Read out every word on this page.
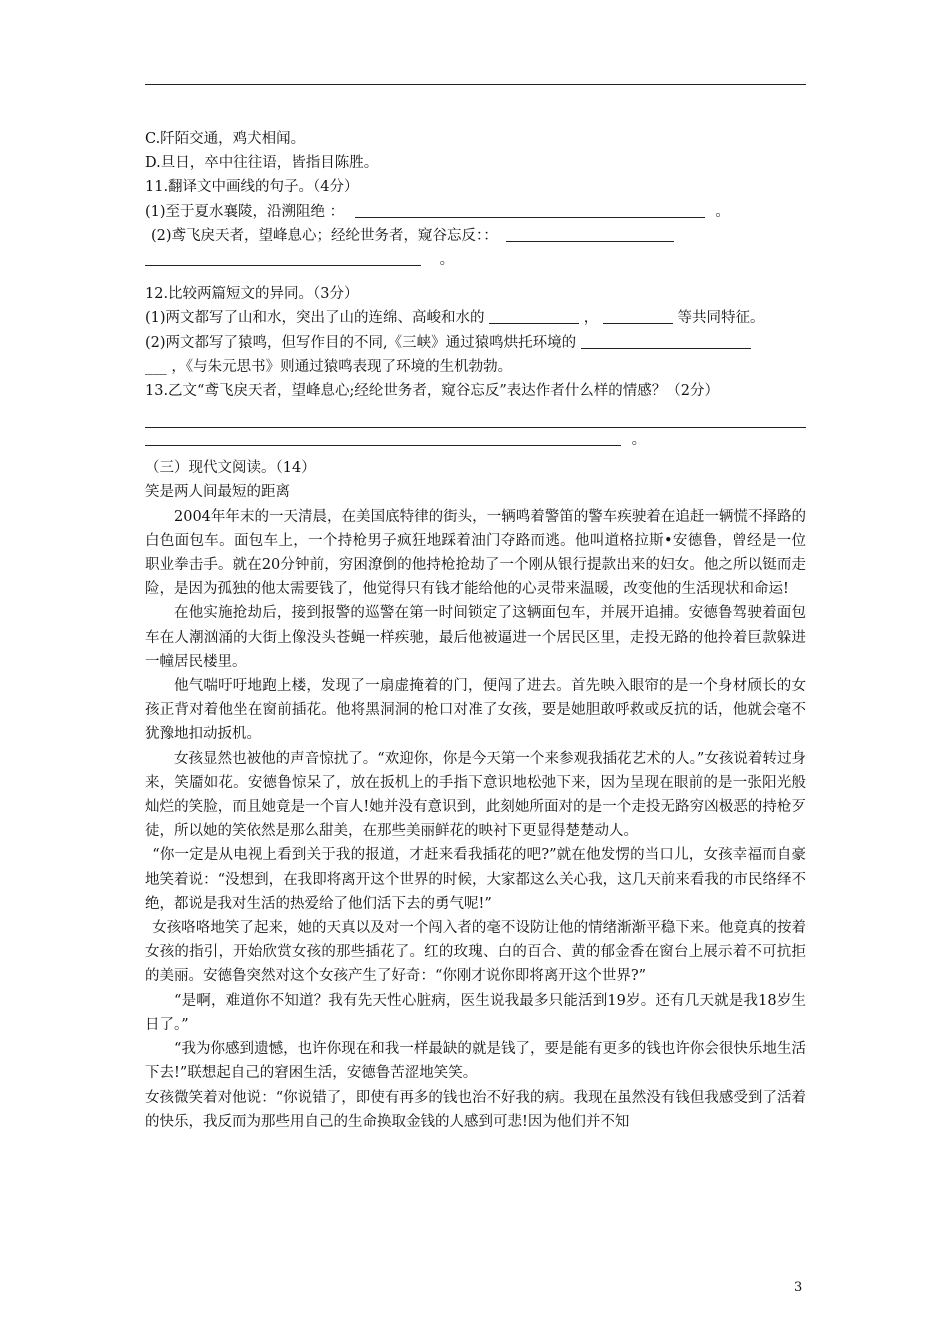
C.阡陌交通，鸡犬相闻。
D.旦日，卒中往往语，皆指目陈胜。
11.翻译文中画线的句子。（4分）
(1)至于夏水襄陵，沿溯阻绝 ：	。
(2)鸢飞戾天者，望峰息心；经纶世务者，窥谷忘反：：
。
12.比较两篇短文的异同。（3分）
(1)两文都写了山和水，突出了山的连绵、高峻和水的	，	等共同特征。
(2)两文都写了猿鸣，但写作目的不同,《三峡》通过猿鸣烘托环境的
___ ，《与朱元思书》则通过猿鸣表现了环境的生机勃勃。
13.乙文“鸢飞戾天者，望峰息心;经纶世务者，窥谷忘反”表达作者什么样的情感？（2分）
。
（三）现代文阅读。（14）
笑是两人间最短的距离
2004年年末的一天清晨，在美国底特律的街头，一辆鸣着警笛的警车疾驶着在追赶一辆慌不择路的白色面包车。面包车上，一个持枪男子疯狂地踩着油门夺路而逃。他叫道格拉斯•安德鲁，曾经是一位职业拳击手。就在20分钟前，穷困潦倒的他持枪抢劫了一个刚从银行提款出来的妇女。他之所以铤而走险，是因为孤独的他太需要钱了，他觉得只有钱才能给他的心灵带来温暖，改变他的生活现状和命运!
在他实施抢劫后，接到报警的巡警在第一时间锁定了这辆面包车，并展开追捕。安德鲁驾驶着面包车在人潮汹涌的大街上像没头苍蝇一样疾驰，最后他被逼进一个居民区里，走投无路的他拎着巨款躲进一幢居民楼里。
他气喘吁吁地跑上楼，发现了一扇虚掩着的门，便闯了进去。首先映入眼帘的是一个身材颀长的女孩正背对着他坐在窗前插花。他将黑洞洞的枪口对准了女孩，要是她胆敢呼救或反抗的话，他就会毫不犹豫地扣动扳机。
女孩显然也被他的声音惊扰了。“欢迎你，你是今天第一个来参观我插花艺术的人。”女孩说着转过身来，笑靥如花。安德鲁惊呆了，放在扳机上的手指下意识地松弛下来，因为呈现在眼前的是一张阳光般灿烂的笑脸，而且她竟是一个盲人!她并没有意识到，此刻她所面对的是一个走投无路穷凶极恶的持枪歹徒，所以她的笑依然是那么甜美，在那些美丽鲜花的映衬下更显得楚楚动人。
“你一定是从电视上看到关于我的报道，才赶来看我插花的吧?”就在他发愣的当口儿，女孩幸福而自豪地笑着说：“没想到，在我即将离开这个世界的时候，大家都这么关心我，这几天前来看我的市民络绎不绝，都说是我对生活的热爱给了他们活下去的勇气呢!”
女孩咯咯地笑了起来，她的天真以及对一个闯入者的毫不设防让他的情绪渐渐平稳下来。他竟真的按着女孩的指引，开始欣赏女孩的那些插花了。红的玫瑰、白的百合、黄的郁金香在窗台上展示着不可抗拒的美丽。安德鲁突然对这个女孩产生了好奇：“你刚才说你即将离开这个世界?”
“是啊，难道你不知道？我有先天性心脏病，医生说我最多只能活到19岁。还有几天就是我18岁生日了。”
“我为你感到遗憾，也许你现在和我一样最缺的就是钱了，要是能有更多的钱也许你会很快乐地生活下去!”联想起自己的窘困生活，安德鲁苦涩地笑笑。
女孩微笑着对他说：“你说错了，即使有再多的钱也治不好我的病。我现在虽然没有钱但我感受到了活着的快乐，我反而为那些用自己的生命换取金钱的人感到可悲!因为他们并不知
3
